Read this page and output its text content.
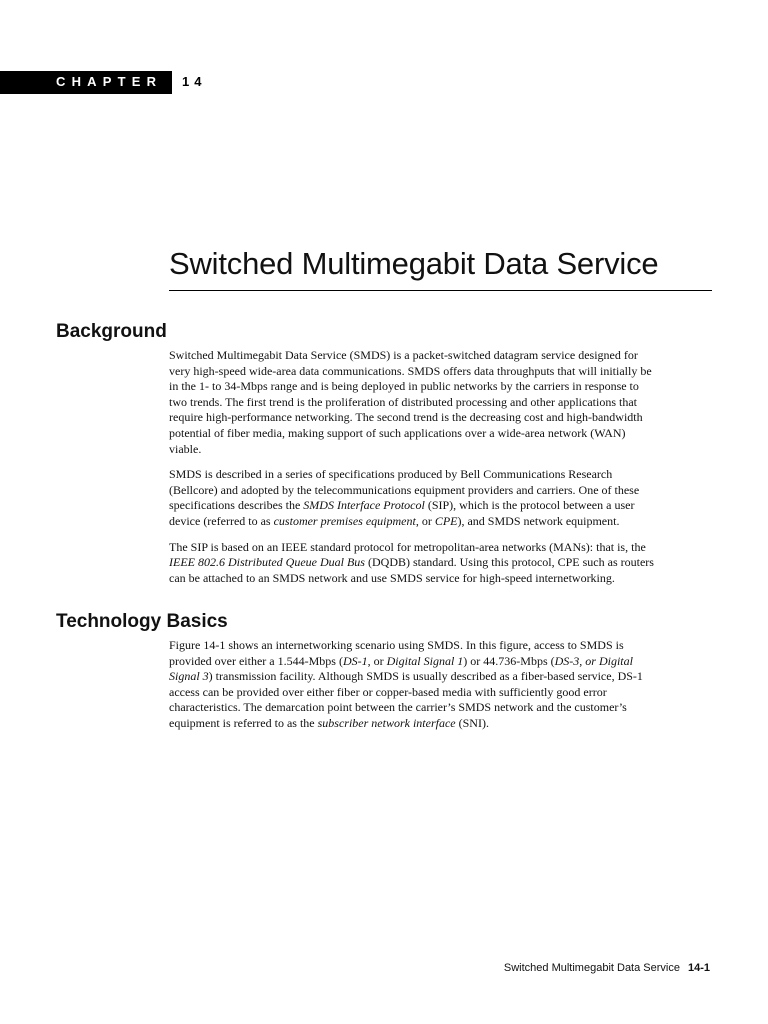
CHAPTER 14
Switched Multimegabit Data Service
Background

Switched Multimegabit Data Service (SMDS) is a packet-switched datagram service designed for
very high-speed wide-area data communications. SMDS offers data throughputs that will initially be
in the 1- to 34-Mbps range and is being deployed in public networks by the carriers in response to
two trends. The first trend is the proliferation of distributed processing and other applications that
require high-performance networking. The second trend is the decreasing cost and high-bandwidth
potential of fiber media, making support of such applications over a wide-area network (WAN)
viable.

SMDS is described in a series of specifications produced by Bell Communications Research
(Bellcore) and adopted by the telecommunications equipment providers and carriers. One of these
specifications describes the SMDS Interface Protocol (SIP), which is the protocol between a user
device (referred to as customer premises equipment, or CPE), and SMDS network equipment.

The SIP is based on an IEEE standard protocol for metropolitan-area networks (MANs): that is, the
IEEE 802.6 Distributed Queue Dual Bus (DQDB) standard. Using this protocol, CPE such as routers
can be attached to an SMDS network and use SMDS service for high-speed internetworking.

Technology Basics

Figure 14-1 shows an internetworking scenario using SMDS. In this figure, access to SMDS is
provided over either a 1.544-Mbps (DS-1, or Digital Signal 1) or 44.736-Mbps (DS-3, or Digital
Signal 3) transmission facility. Although SMDS is usually described as a fiber-based service, DS-1
access can be provided over either fiber or copper-based media with sufficiently good error
characteristics. The demarcation point between the carrier’s SMDS network and the customer’s
equipment is referred to as the subscriber network interface (SNI).

Switched Multimegabit Data Service 14-1
